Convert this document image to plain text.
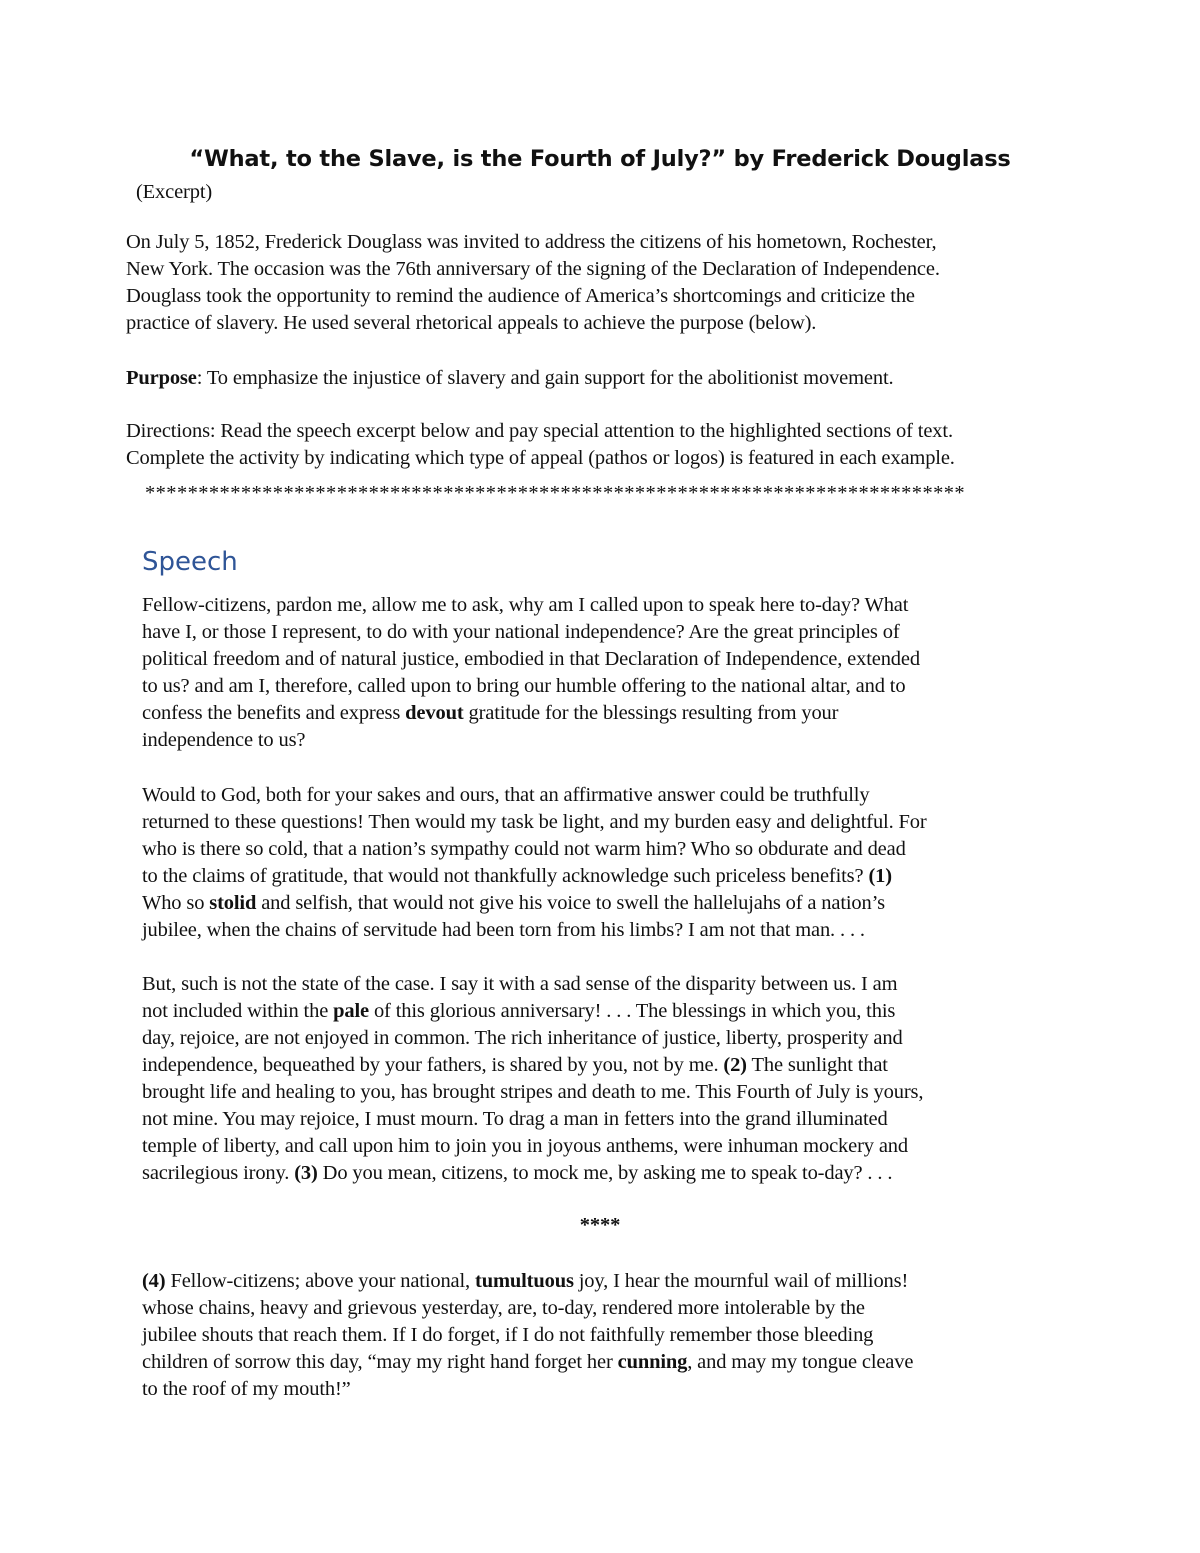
“What, to the Slave, is the Fourth of July?” by Frederick Douglass

(Excerpt)

On July 5, 1852, Frederick Douglass was invited to address the citizens of his hometown, Rochester,
New York. The occasion was the 76th anniversary of the signing of the Declaration of Independence.
Douglass took the opportunity to remind the audience of America’s shortcomings and criticize the
practice of slavery. He used several rhetorical appeals to achieve the purpose (below).

Purpose: To emphasize the injustice of slavery and gain support for the abolitionist movement.

Directions: Read the speech excerpt below and pay special attention to the highlighted sections of text.
Complete the activity by indicating which type of appeal (pathos or logos) is featured in each example.

*****************************************************************************

Speech

Fellow-citizens, pardon me, allow me to ask, why am I called upon to speak here to-day? What
have I, or those I represent, to do with your national independence? Are the great principles of
political freedom and of natural justice, embodied in that Declaration of Independence, extended
to us? and am I, therefore, called upon to bring our humble offering to the national altar, and to
confess the benefits and express devout gratitude for the blessings resulting from your
independence to us?

Would to God, both for your sakes and ours, that an affirmative answer could be truthfully
returned to these questions! Then would my task be light, and my burden easy and delightful. For
who is there so cold, that a nation’s sympathy could not warm him? Who so obdurate and dead
to the claims of gratitude, that would not thankfully acknowledge such priceless benefits? (1)
Who so stolid and selfish, that would not give his voice to swell the hallelujahs of a nation’s
jubilee, when the chains of servitude had been torn from his limbs? I am not that man. . . .

But, such is not the state of the case. I say it with a sad sense of the disparity between us. I am
not included within the pale of this glorious anniversary! . . . The blessings in which you, this
day, rejoice, are not enjoyed in common. The rich inheritance of justice, liberty, prosperity and
independence, bequeathed by your fathers, is shared by you, not by me. (2) The sunlight that
brought life and healing to you, has brought stripes and death to me. This Fourth of July is yours,
not mine. You may rejoice, I must mourn. To drag a man in fetters into the grand illuminated
temple of liberty, and call upon him to join you in joyous anthems, were inhuman mockery and
sacrilegious irony. (3) Do you mean, citizens, to mock me, by asking me to speak to-day? . . .

****

(4) Fellow-citizens; above your national, tumultuous joy, I hear the mournful wail of millions!
whose chains, heavy and grievous yesterday, are, to-day, rendered more intolerable by the
jubilee shouts that reach them. If I do forget, if I do not faithfully remember those bleeding
children of sorrow this day, “may my right hand forget her cunning, and may my tongue cleave
to the roof of my mouth!”
